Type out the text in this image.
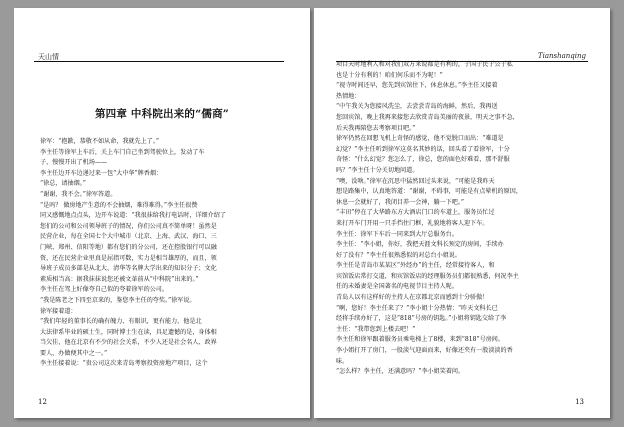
天山情
第四章 中科院出来的“儒商”
徐军：“抱歉，恭敬不如从命，我就先上了。”
李主任等徐军上车后，关上车门自己坐到驾驶位上，发动了车
子，慢慢开出了机场——
李主任边开车边递过来一包“大中华”牌香烟：
“徐总，请抽烟。”
“谢谢，我不会。”徐军答道。
“是吗？ 做房地产生意的不会抽烟，难得难得。”李主任很赞
同又感慨地点点头，边开车说道：“我很抹给我打电话时，详细介绍了
您们的公司和公司领导班子的情况，你们公司真不简单呀！虽然是
民营企业，每在全国七个大中城市（北京、上海、武汉、海口、三
门峡、郑州、信阳等地）都有您们的分公司，还在控股银行可以融
资，还在民营企业里真是屈指可数，实力是相当雄厚的，而且，领
导班子成员多部是从北大、清华等名牌大学出来的知识分子；文化
素质相当高：据我抹抹说您还被文革前从“中科院”出来的。”
李主任在驾上好像夸自己似的夸着徐军的公司。
“我是陈老之下四至京来的，鉴您李主任的夸奖。”徐军说。
徐军接着道：
“我们年轻的董事长的确有魄力、有眼识，更有能力，他是北
大法律系毕业的硕士生，同时博士生在读，具足遗憾的是，身体相
当欠佳，他在北京有不少的社会关系，不少人还是社会名人、政界
要人，办做便其中之一。”
李主任接着说：“贵公司这次来青岛考察投资房地产项目，这个
12
Tianshanqing
项目天时地利人和对我们双方来说都是有利的，于国于民于公于私
也是十分有利的！咱们何乐而不为呢！”
“视寺时间还早，您先到宾馆住下，休息休息。”李主任又接着
热情地：
“中午我关为您接风洗尘，去尝尝青岛的海鲜，然后，我再送
您回宾馆，晚上我再来接您去欣赏青岛美丽的夜景，明天之事不急，
后天我再陪您去考察项目吧。”
徐军仍然在回想飞机上奇怪的感觉，他不觉脱口而出：“难道是
幻觉？”李主任听到徐军这莫名其妙的话，回头看了看徐军，十分
奇怪：“什么幻觉？您怎么了，徐总，您的面色好难看，那不舒服
吗？”李主任十分关切地问道。
“噢，没啥。”徐军在沉思中猛然回过头来说，“可能是我昨天
想是路集中，认真地答道：“谢谢，不碍事，可能是有点晕机的原因，
休息一会就好了，我闭目养一会神，躺一下吧。”
“丰田”停在了大华路东方大酒店门口的车道上，服务员忙过
来打开车门开用一只手挡住门框，礼貌地将客人迎下车。
李主任：徐军下车后一同来到大厅总服务台。
李主任：“李小姐，你好，我把天涯文科长预定的房间，手续办
好了没有？”李主任很熟悉似的对总台小姐说。
李主任是青岛市某某区“外经办”的主任，经常接待客人，和
宾馆饭店常打交道，和宾馆饭店的经理服务员们都很熟悉，何况李主
任的未婚妻是全国著名的电视节目主持人呢。
青岛人以有这样好的主持人在京都北京而感到十分骄傲！
“啊，您好！李主任来了？”李小姐十分热情：“昨天文科长已
经将手续办好了，这是“818”号房的钥匙。”小姐将钥匙交给了李
主任：“我带您到上楼去吧！”
李主任和徐军跟着服务员乘电梯上了8楼，来到“818”号房间。
李小姐打开了房门，一股淡气迎面而来，好像还夹有一股淡淡的香
味。
“怎么样？李主任，还满意吗？”李小姐笑着问。
13
